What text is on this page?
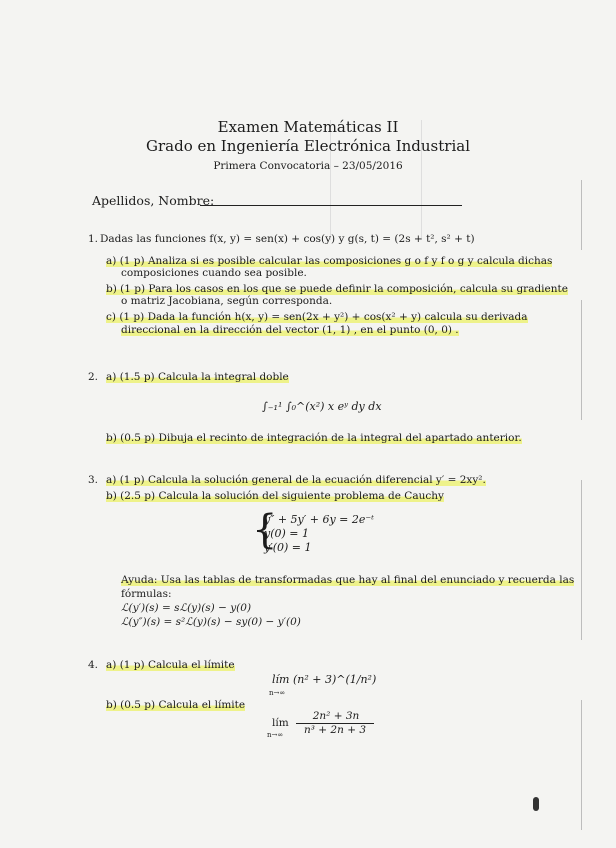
Examen Matemáticas II
Grado en Ingeniería Electrónica Industrial
Primera Convocatoria – 23/05/2016
Apellidos, Nombre:
1. Dadas las funciones f(x, y) = sen(x) + cos(y) y g(s, t) = (2s + t², s² + t)
a) (1 p) Analiza si es posible calcular las composiciones g o f y f o g y calcula dichas
composiciones cuando sea posible.
b) (1 p) Para los casos en los que se puede definir la composición, calcula su gradiente
o matriz Jacobiana, según corresponda.
c) (1 p) Dada la función h(x, y) = sen(2x + y²) + cos(x² + y) calcula su derivada
direccional en la dirección del vector (1, 1) , en el punto (0, 0) .
2. a) (1.5 p) Calcula la integral doble
∫₋₁¹ ∫₀^(x²) x eʸ dy dx
b) (0.5 p) Dibuja el recinto de integración de la integral del apartado anterior.
3. a) (1 p) Calcula la solución general de la ecuación diferencial y′ = 2xy².
b) (2.5 p) Calcula la solución del siguiente problema de Cauchy
{
y″ + 5y′ + 6y = 2e⁻ᵗ
y(0) = 1
y′(0) = 1
Ayuda: Usa las tablas de transformadas que hay al final del enunciado y recuerda las
fórmulas:
ℒ(y′)(s) = sℒ(y)(s) − y(0)
ℒ(y″)(s) = s²ℒ(y)(s) − sy(0) − y′(0)
4. a) (1 p) Calcula el límite
lím (n² + 3)^(1/n²)
n→∞
b) (0.5 p) Calcula el límite
lím
n→∞
2n² + 3n
n³ + 2n + 3
